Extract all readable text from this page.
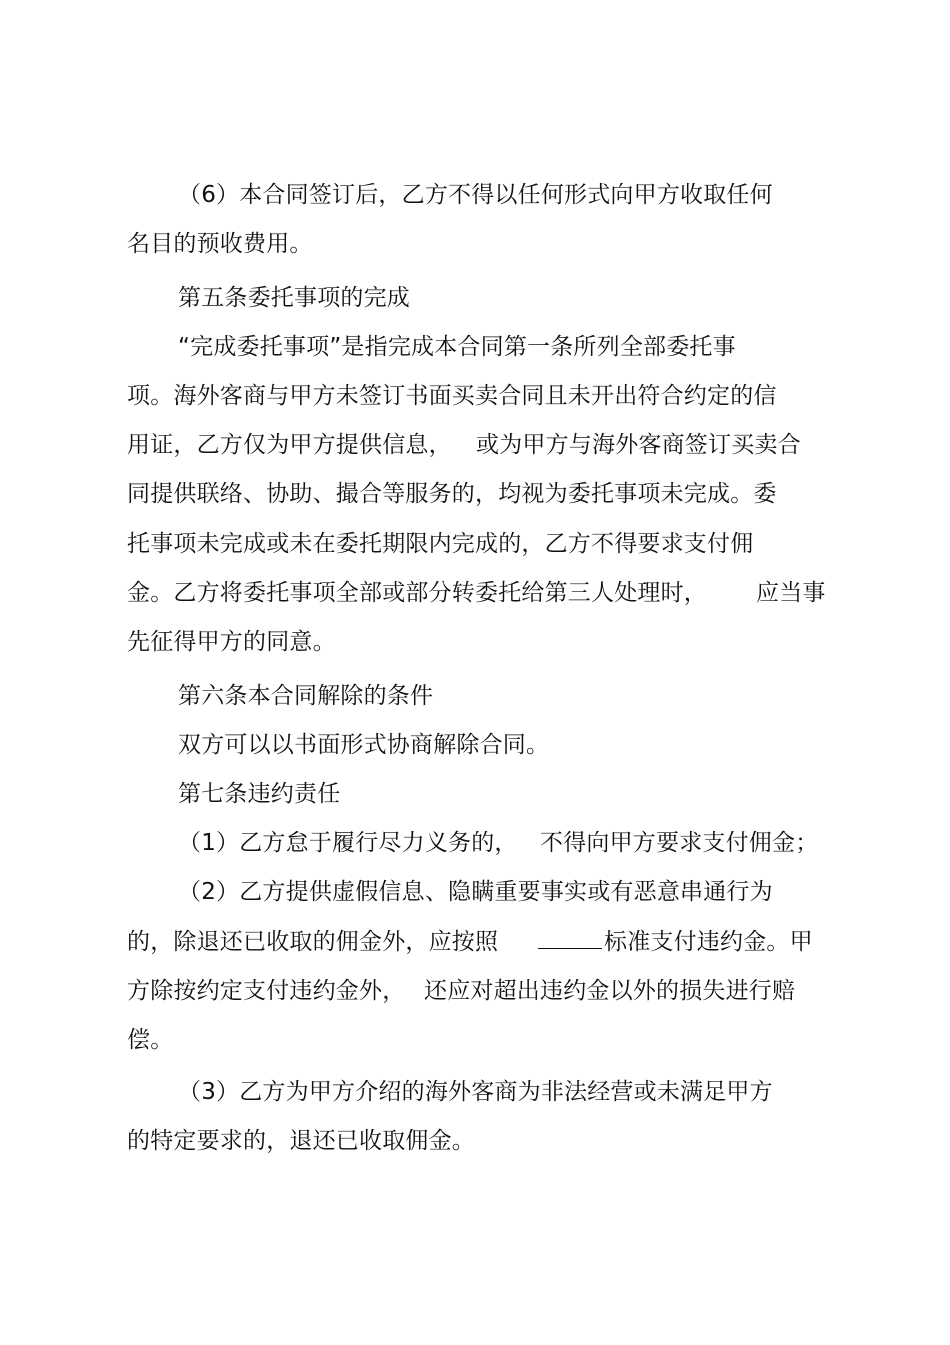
（6）本合同签订后，乙方不得以任何形式向甲方收取任何
名目的预收费用。
第五条委托事项的完成
“完成委托事项”是指完成本合同第一条所列全部委托事
项。海外客商与甲方未签订书面买卖合同且未开出符合约定的信
用证，乙方仅为甲方提供信息， 或为甲方与海外客商签订买卖合
同提供联络、协助、撮合等服务的，均视为委托事项未完成。委
托事项未完成或未在委托期限内完成的，乙方不得要求支付佣
金。乙方将委托事项全部或部分转委托给第三人处理时， 应当事
先征得甲方的同意。
第六条本合同解除的条件
双方可以以书面形式协商解除合同。
第七条违约责任
（1）乙方怠于履行尽力义务的， 不得向甲方要求支付佣金；
（2）乙方提供虚假信息、隐瞒重要事实或有恶意串通行为
的，除退还已收取的佣金外，应按照	标准支付违约金。甲
方除按约定支付违约金外， 还应对超出违约金以外的损失进行赔
偿。
（3）乙方为甲方介绍的海外客商为非法经营或未满足甲方
的特定要求的，退还已收取佣金。
